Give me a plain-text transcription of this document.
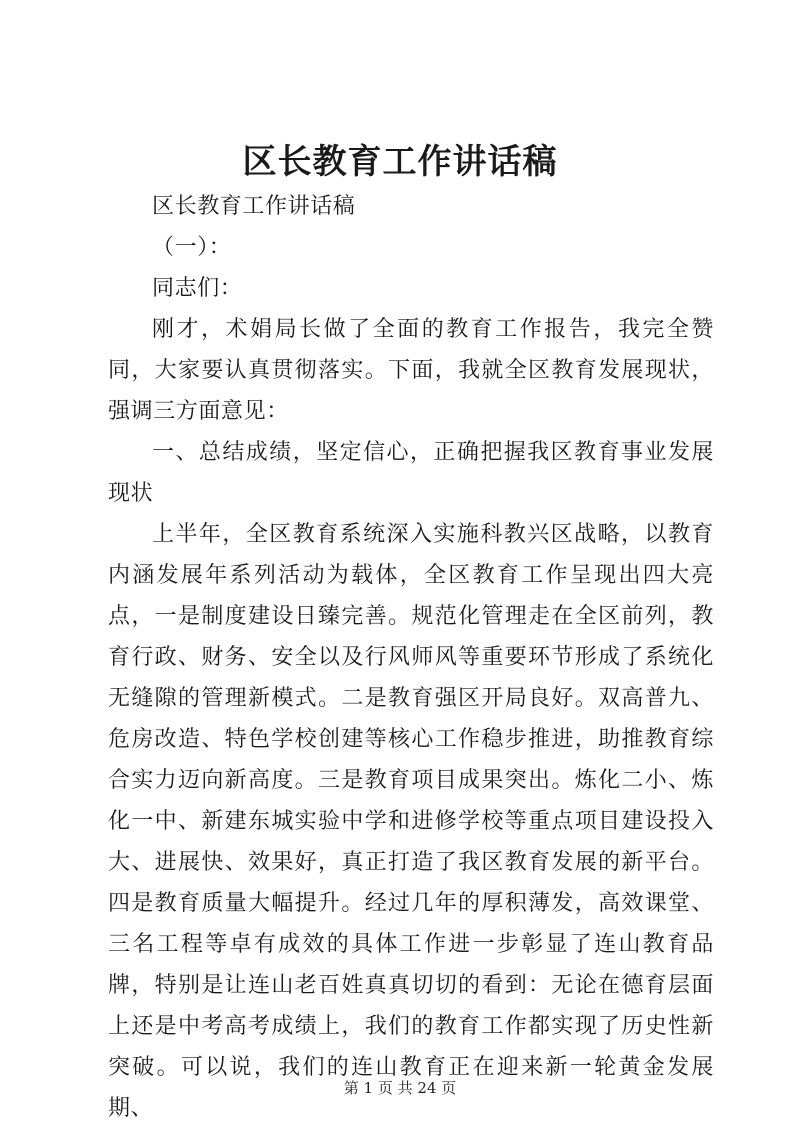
区长教育工作讲话稿

区长教育工作讲话稿

（一）：

同志们：

刚才，术娟局长做了全面的教育工作报告，我完全赞同，大家要认真贯彻落实。下面，我就全区教育发展现状，强调三方面意见：

一、总结成绩，坚定信心，正确把握我区教育事业发展现状

上半年，全区教育系统深入实施科教兴区战略，以教育内涵发展年系列活动为载体，全区教育工作呈现出四大亮点，一是制度建设日臻完善。规范化管理走在全区前列，教育行政、财务、安全以及行风师风等重要环节形成了系统化无缝隙的管理新模式。二是教育强区开局良好。双高普九、危房改造、特色学校创建等核心工作稳步推进，助推教育综合实力迈向新高度。三是教育项目成果突出。炼化二小、炼化一中、新建东城实验中学和进修学校等重点项目建设投入大、进展快、效果好，真正打造了我区教育发展的新平台。四是教育质量大幅提升。经过几年的厚积薄发，高效课堂、三名工程等卓有成效的具体工作进一步彰显了连山教育品牌，特别是让连山老百姓真真切切的看到：无论在德育层面上还是中考高考成绩上，我们的教育工作都实现了历史性新突破。可以说，我们的连山教育正在迎来新一轮黄金发展期、

第 1 页 共 24 页
